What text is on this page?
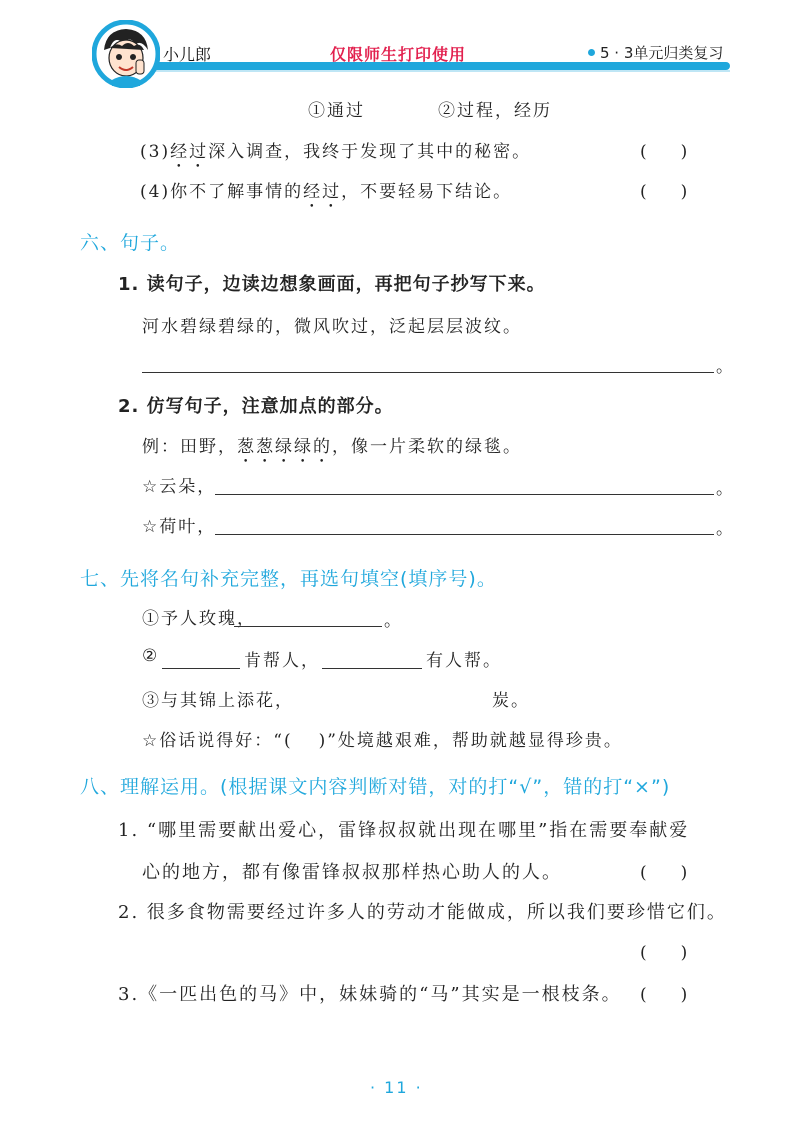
小儿郎	仅限师生打印使用	5 · 3单元归类复习
①通过	②过程，经历
(3)经过深入调查，我终于发现了其中的秘密。	(　　)
(4)你不了解事情的经过，不要轻易下结论。	(　　)
六、句子。
1. 读句子，边读边想象画面，再把句子抄写下来。
河水碧绿碧绿的，微风吹过，泛起层层波纹。
。
2. 仿写句子，注意加点的部分。
例：田野，葱葱绿绿的，像一片柔软的绿毯。
☆云朵，	。
☆荷叶，	。
七、先将名句补充完整，再选句填空(填序号)。
①予人玫瑰，	。
②	肯帮人，	有人帮。
③与其锦上添花，	炭。
☆俗话说得好：“( )”处境越艰难，帮助就越显得珍贵。
八、理解运用。(根据课文内容判断对错，对的打“√”，错的打“×”)
1. “哪里需要献出爱心，雷锋叔叔就出现在哪里”指在需要奉献爱
心的地方，都有像雷锋叔叔那样热心助人的人。	(　　)
2. 很多食物需要经过许多人的劳动才能做成，所以我们要珍惜它们。
(　　)
3.《一匹出色的马》中，妹妹骑的“马”其实是一根枝条。 (　　)
· 11 ·
